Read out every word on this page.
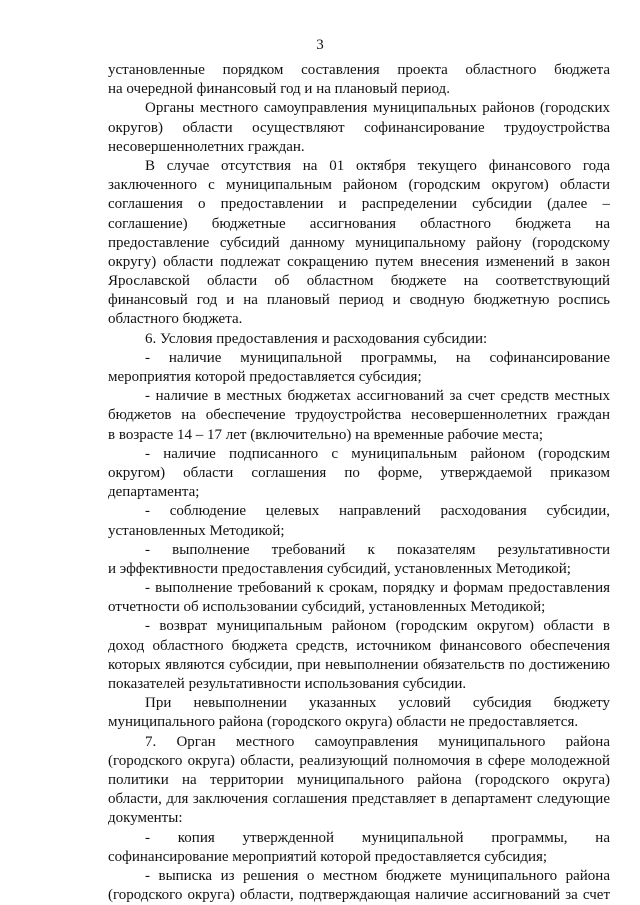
3
установленные порядком составления проекта областного бюджета
на очередной финансовый год и на плановый период.
Органы местного самоуправления муниципальных районов (городских
округов) области осуществляют софинансирование трудоустройства
несовершеннолетних граждан.
В случае отсутствия на 01 октября текущего финансового года
заключенного с муниципальным районом (городским округом) области
соглашения о предоставлении и распределении субсидии (далее –
соглашение) бюджетные ассигнования областного бюджета на
предоставление субсидий данному муниципальному району (городскому
округу) области подлежат сокращению путем внесения изменений в закон
Ярославской области об областном бюджете на соответствующий
финансовый год и на плановый период и сводную бюджетную роспись
областного бюджета.
6. Условия предоставления и расходования субсидии:
- наличие муниципальной программы, на софинансирование
мероприятия которой предоставляется субсидия;
- наличие в местных бюджетах ассигнований за счет средств местных
бюджетов на обеспечение трудоустройства несовершеннолетних граждан
в возрасте 14 – 17 лет (включительно) на временные рабочие места;
- наличие подписанного с муниципальным районом (городским
округом) области соглашения по форме, утверждаемой приказом
департамента;
- соблюдение целевых направлений расходования субсидии,
установленных Методикой;
- выполнение требований к показателям результативности
и эффективности предоставления субсидий, установленных Методикой;
- выполнение требований к срокам, порядку и формам предоставления
отчетности об использовании субсидий, установленных Методикой;
- возврат муниципальным районом (городским округом) области в
доход областного бюджета средств, источником финансового обеспечения
которых являются субсидии, при невыполнении обязательств по достижению
показателей результативности использования субсидии.
При невыполнении указанных условий субсидия бюджету
муниципального района (городского округа) области не предоставляется.
7. Орган местного самоуправления муниципального района
(городского округа) области, реализующий полномочия в сфере молодежной
политики на территории муниципального района (городского округа)
области, для заключения соглашения представляет в департамент следующие
документы:
- копия утвержденной муниципальной программы, на
софинансирование мероприятий которой предоставляется субсидия;
- выписка из решения о местном бюджете муниципального района
(городского округа) области, подтверждающая наличие ассигнований за счет
